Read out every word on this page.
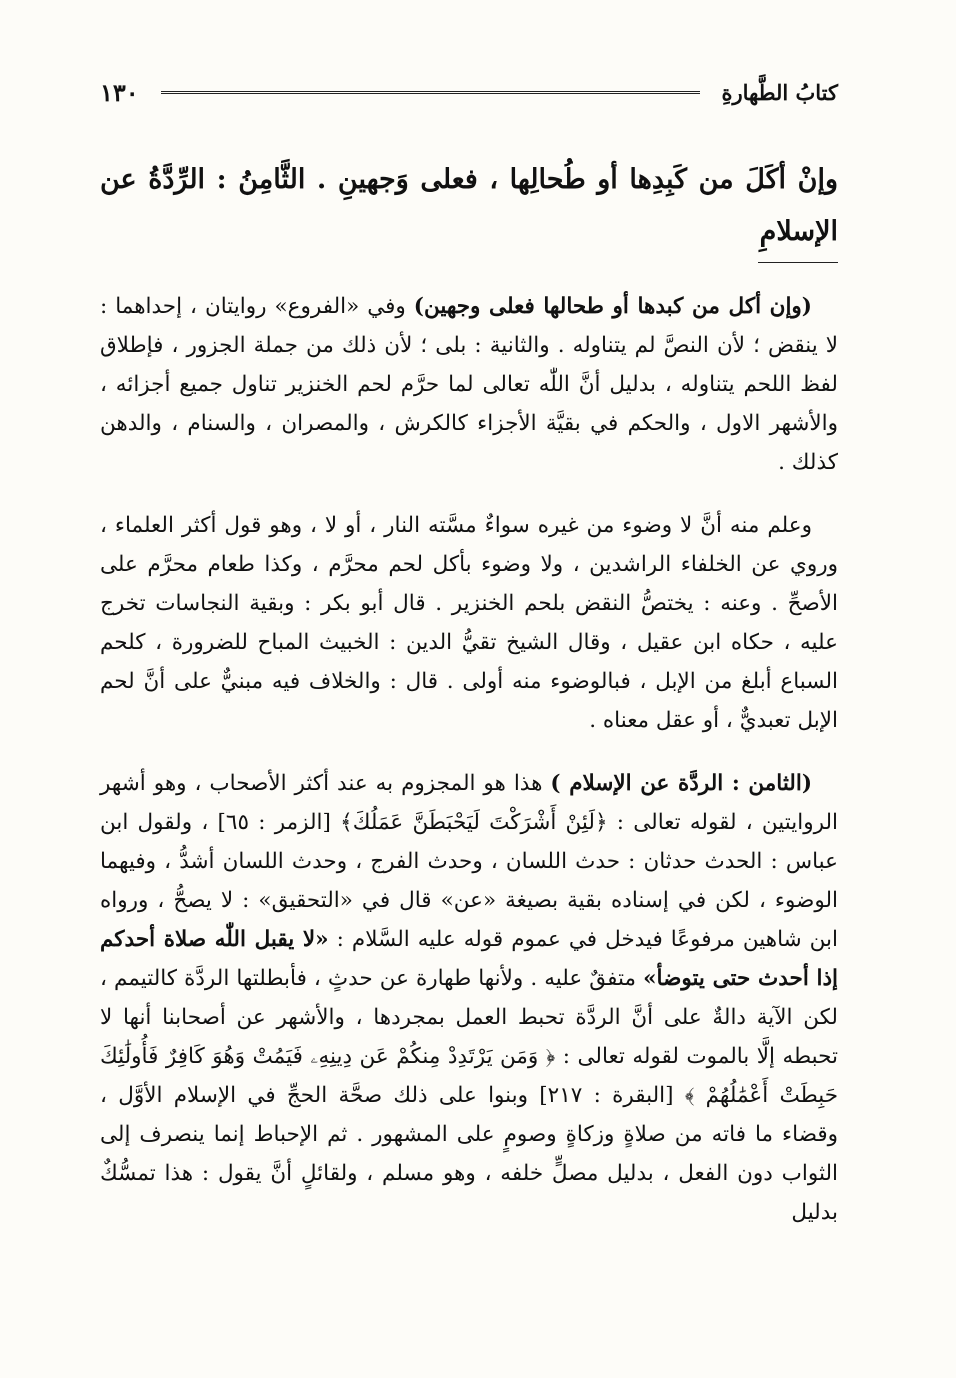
١٣٠	كتابُ الطَّهارةِ
وإنْ أكَلَ من كَبِدِها أو طُحالِها ، فعلى وَجهينِ . الثَّامِنُ : الرِّدَّةُ عن الإسلامِ

(وإن أكل من كبدها أو طحالها فعلى وجهين) وفي «الفروع» روايتان ، إحداهما : لا ينقض ؛ لأن النصَّ لم يتناوله . والثانية : بلى ؛ لأن ذلك من جملة الجزور ، فإطلاق لفظ اللحم يتناوله ، بدليل أنَّ اللّٰه تعالى لما حرَّم لحم الخنزير تناول جميع أجزائه ، والأشهر الاول ، والحكم في بقيَّة الأجزاء كالكرش ، والمصران ، والسنام ، والدهن كذلك .

وعلم منه أنَّ لا وضوء من غيره سواءٌ مسَّته النار ، أو لا ، وهو قول أكثر العلماء ، وروي عن الخلفاء الراشدين ، ولا وضوء بأكل لحم محرَّم ، وكذا طعام محرَّم على الأصحِّ . وعنه : يختصُّ النقض بلحم الخنزير . قال أبو بكر : وبقية النجاسات تخرج عليه ، حكاه ابن عقيل ، وقال الشيخ تقيُّ الدين : الخبيث المباح للضرورة ، كلحم السباع أبلغ من الإبل ، فبالوضوء منه أولى . قال : والخلاف فيه مبنيٌّ على أنَّ لحم الإبل تعبديٌّ ، أو عقل معناه .

(الثامن : الردَّة عن الإسلام ) هذا هو المجزوم به عند أكثر الأصحاب ، وهو أشهر الروايتين ، لقوله تعالى : ﴿لَئِنْ أَشْرَكْتَ لَيَحْبَطَنَّ عَمَلُكَ﴾ [الزمر : ٦٥] ، ولقول ابن عباس : الحدث حدثان : حدث اللسان ، وحدث الفرج ، وحدث اللسان أشدُّ ، وفيهما الوضوء ، لكن في إسناده بقية بصيغة «عن» قال في «التحقيق» : لا يصحُّ ، ورواه ابن شاهين مرفوعًا فيدخل في عموم قوله عليه السَّلام : «لا يقبل اللّٰه صلاة أحدكم إذا أحدث حتى يتوضأ» متفقٌ عليه . ولأنها طهارة عن حدثٍ ، فأبطلتها الردَّة كالتيمم ، لكن الآية دالةٌ على أنَّ الردَّة تحبط العمل بمجردها ، والأشهر عن أصحابنا أنها لا تحبطه إلَّا بالموت لقوله تعالى : ﴿ وَمَن يَرْتَدِدْ مِنكُمْ عَن دِينِهِۦ فَيَمُتْ وَهُوَ كَافِرٌ فَأُولَٰئِكَ حَبِطَتْ أَعْمَٰلُهُمْ ﴾ [البقرة : ٢١٧] وبنوا على ذلك صحَّة الحجِّ في الإسلام الأوَّل ، وقضاء ما فاته من صلاةٍ وزكاةٍ وصومٍ على المشهور . ثم الإحباط إنما ينصرف إلى الثواب دون الفعل ، بدليل مصلٍّ خلفه ، وهو مسلم ، ولقائلٍ أنَّ يقول : هذا تمسُّكٌ بدليل
